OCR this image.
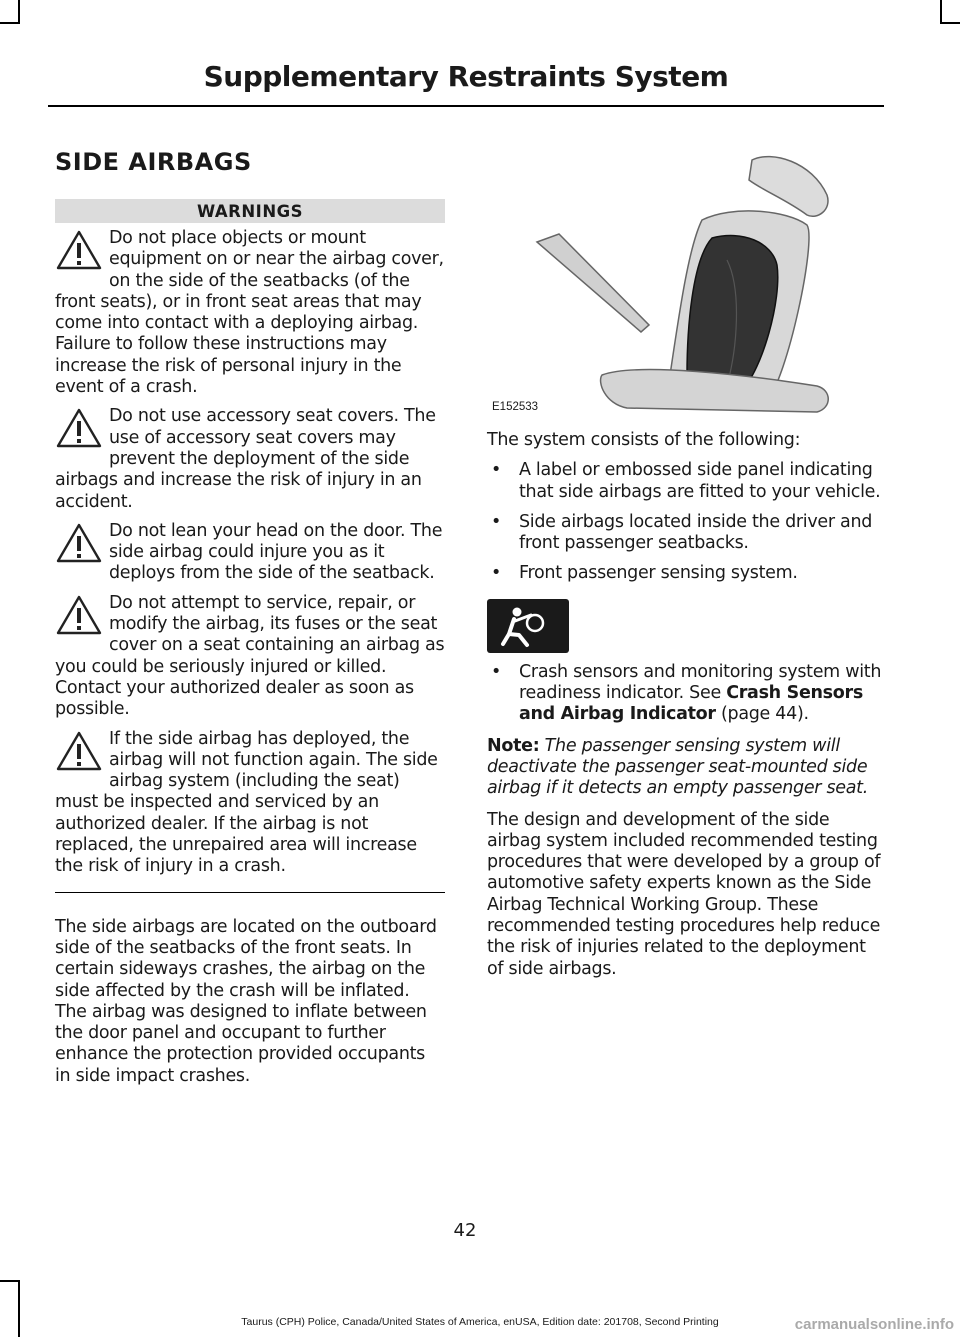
Supplementary Restraints System
SIDE AIRBAGS
WARNINGS
Do not place objects or mount equipment on or near the airbag cover, on the side of the seatbacks (of the front seats), or in front seat areas that may come into contact with a deploying airbag. Failure to follow these instructions may increase the risk of personal injury in the event of a crash.
Do not use accessory seat covers. The use of accessory seat covers may prevent the deployment of the side airbags and increase the risk of injury in an accident.
Do not lean your head on the door. The side airbag could injure you as it deploys from the side of the seatback.
Do not attempt to service, repair, or modify the airbag, its fuses or the seat cover on a seat containing an airbag as you could be seriously injured or killed. Contact your authorized dealer as soon as possible.
If the side airbag has deployed, the airbag will not function again. The side airbag system (including the seat) must be inspected and serviced by an authorized dealer. If the airbag is not replaced, the unrepaired area will increase the risk of injury in a crash.

The side airbags are located on the outboard side of the seatbacks of the front seats. In certain sideways crashes, the airbag on the side affected by the crash will be inflated. The airbag was designed to inflate between the door panel and occupant to further enhance the protection provided occupants in side impact crashes.

E152533

The system consists of the following:

• A label or embossed side panel indicating that side airbags are fitted to your vehicle.
• Side airbags located inside the driver and front passenger seatbacks.
• Front passenger sensing system.
• Crash sensors and monitoring system with readiness indicator. See Crash Sensors and Airbag Indicator (page 44).

Note: The passenger sensing system will deactivate the passenger seat-mounted side airbag if it detects an empty passenger seat.

The design and development of the side airbag system included recommended testing procedures that were developed by a group of automotive safety experts known as the Side Airbag Technical Working Group. These recommended testing procedures help reduce the risk of injuries related to the deployment of side airbags.

42
Taurus (CPH) Police, Canada/United States of America, enUSA, Edition date: 201708, Second Printing	carmanualsonline.info
